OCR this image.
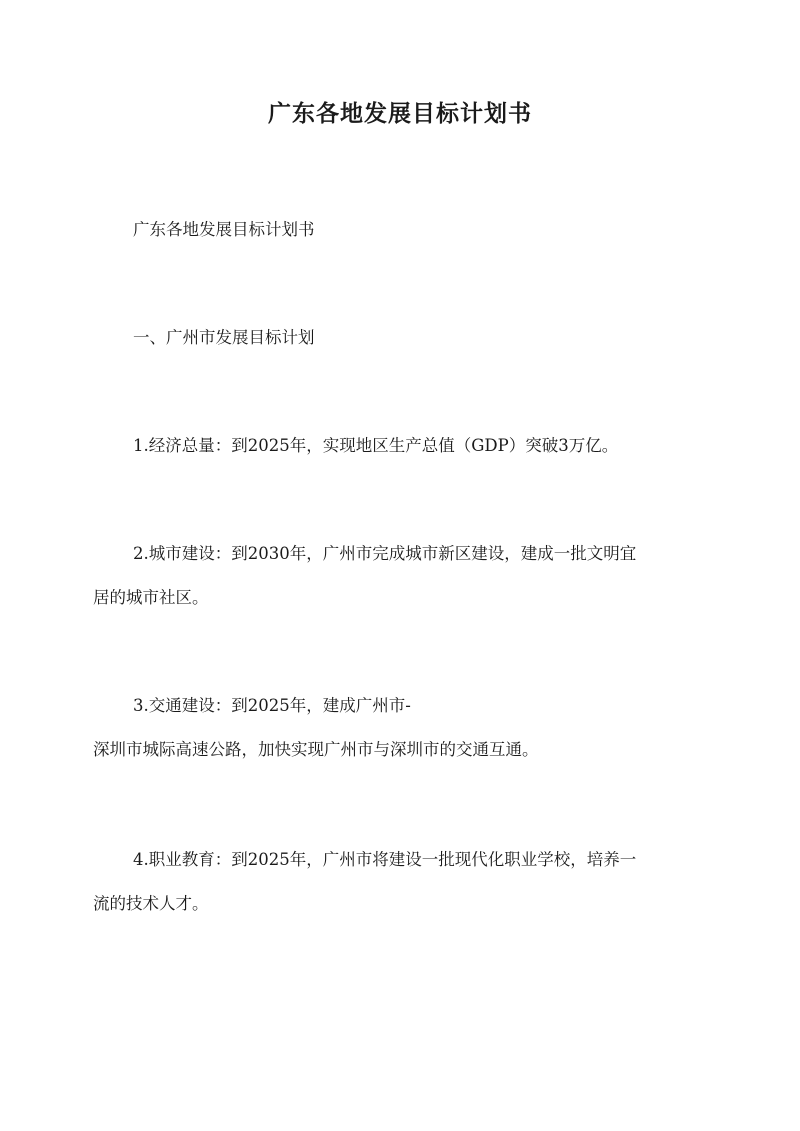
广东各地发展目标计划书
广东各地发展目标计划书
一、广州市发展目标计划
1.经济总量：到2025年，实现地区生产总值（GDP）突破3万亿。
2.城市建设：到2030年，广州市完成城市新区建设，建成一批文明宜
居的城市社区。
3.交通建设：到2025年，建成广州市-
深圳市城际高速公路，加快实现广州市与深圳市的交通互通。
4.职业教育：到2025年，广州市将建设一批现代化职业学校，培养一
流的技术人才。
